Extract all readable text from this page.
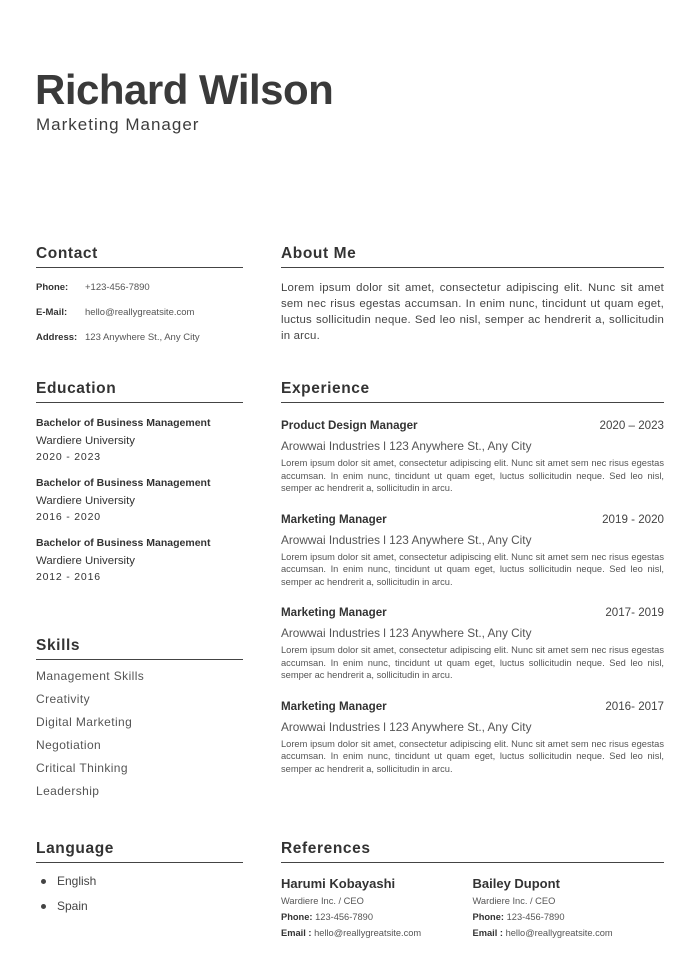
Richard Wilson
Marketing Manager
Contact
Phone:	+123-456-7890
E-Mail:	hello@reallygreatsite.com
Address: 123 Anywhere St., Any City
About Me
Lorem ipsum dolor sit amet, consectetur adipiscing elit. Nunc sit amet sem nec risus egestas accumsan. In enim nunc, tincidunt ut quam eget, luctus sollicitudin neque. Sed leo nisl, semper ac hendrerit a, sollicitudin in arcu.
Education
Bachelor of Business Management
Wardiere University
2020 - 2023
Bachelor of Business Management
Wardiere University
2016 - 2020
Bachelor of Business Management
Wardiere University
2012 - 2016
Experience
Product Design Manager	2020 – 2023
Arowwai Industries l 123 Anywhere St., Any City
Lorem ipsum dolor sit amet, consectetur adipiscing elit. Nunc sit amet sem nec risus egestas accumsan. In enim nunc, tincidunt ut quam eget, luctus sollicitudin neque. Sed leo nisl, semper ac hendrerit a, sollicitudin in arcu.
Marketing Manager	2019 - 2020
Arowwai Industries l 123 Anywhere St., Any City
Lorem ipsum dolor sit amet, consectetur adipiscing elit. Nunc sit amet sem nec risus egestas accumsan. In enim nunc, tincidunt ut quam eget, luctus sollicitudin neque. Sed leo nisl, semper ac hendrerit a, sollicitudin in arcu.
Marketing Manager	2017- 2019
Arowwai Industries l 123 Anywhere St., Any City
Lorem ipsum dolor sit amet, consectetur adipiscing elit. Nunc sit amet sem nec risus egestas accumsan. In enim nunc, tincidunt ut quam eget, luctus sollicitudin neque. Sed leo nisl, semper ac hendrerit a, sollicitudin in arcu.
Marketing Manager	2016- 2017
Arowwai Industries l 123 Anywhere St., Any City
Lorem ipsum dolor sit amet, consectetur adipiscing elit. Nunc sit amet sem nec risus egestas accumsan. In enim nunc, tincidunt ut quam eget, luctus sollicitudin neque. Sed leo nisl, semper ac hendrerit a, sollicitudin in arcu.
Skills
Management Skills
Creativity
Digital Marketing
Negotiation
Critical Thinking
Leadership
Language
English
Spain
References
Harumi Kobayashi
Wardiere Inc. / CEO
Phone: 123-456-7890
Email : hello@reallygreatsite.com
Bailey Dupont
Wardiere Inc. / CEO
Phone: 123-456-7890
Email : hello@reallygreatsite.com
